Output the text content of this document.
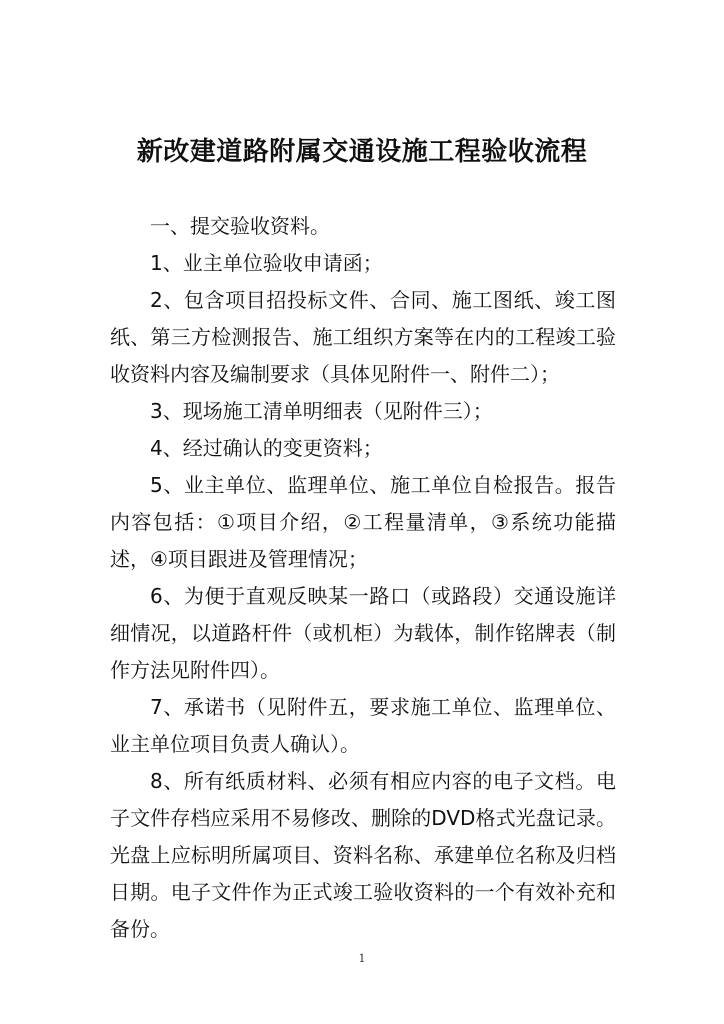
新改建道路附属交通设施工程验收流程

一、提交验收资料。

1、业主单位验收申请函；

2、包含项目招投标文件、合同、施工图纸、竣工图纸、第三方检测报告、施工组织方案等在内的工程竣工验收资料内容及编制要求（具体见附件一、附件二）；

3、现场施工清单明细表（见附件三）；

4、经过确认的变更资料；

5、业主单位、监理单位、施工单位自检报告。报告内容包括：①项目介绍，②工程量清单，③系统功能描述，④项目跟进及管理情况；

6、为便于直观反映某一路口（或路段）交通设施详细情况，以道路杆件（或机柜）为载体，制作铭牌表（制作方法见附件四）。

7、承诺书（见附件五，要求施工单位、监理单位、业主单位项目负责人确认）。

8、所有纸质材料、必须有相应内容的电子文档。电子文件存档应采用不易修改、删除的DVD格式光盘记录。光盘上应标明所属项目、资料名称、承建单位名称及归档日期。电子文件作为正式竣工验收资料的一个有效补充和备份。

1
